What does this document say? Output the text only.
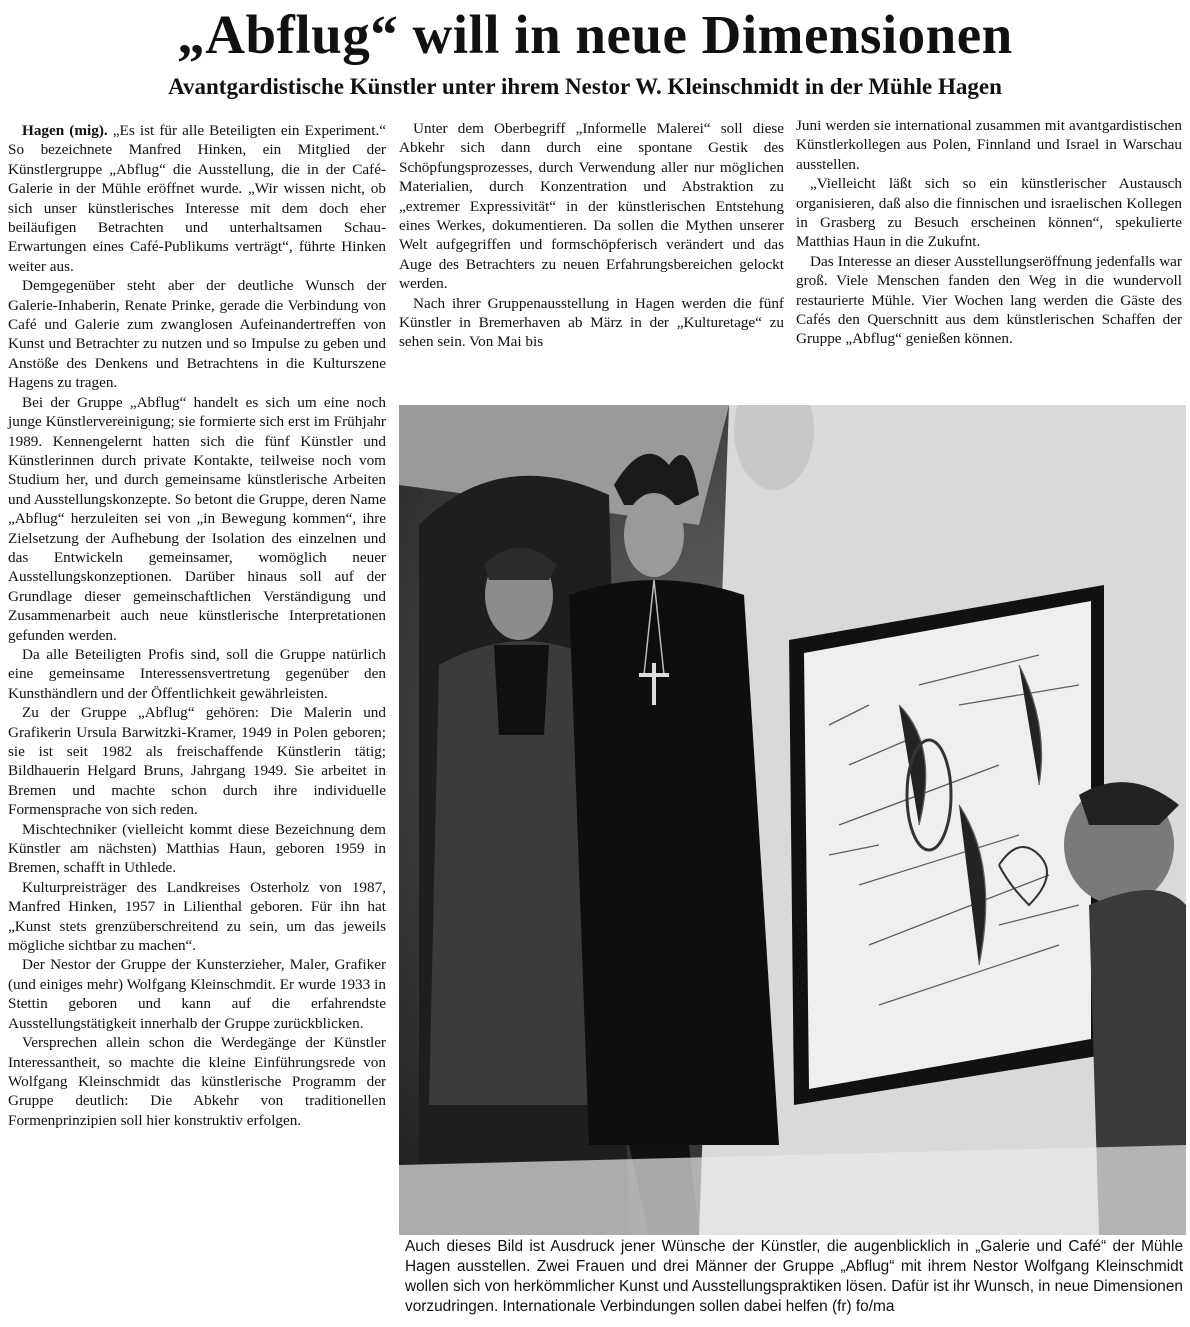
„Abflug“ will in neue Dimensionen
Avantgardistische Künstler unter ihrem Nestor W. Kleinschmidt in der Mühle Hagen

Hagen (mig). „Es ist für alle Beteiligten ein Experiment.“ So bezeichnete Manfred Hinken, ein Mitglied der Künstlergruppe „Abflug“ die Ausstellung, die in der Café-Galerie in der Mühle eröffnet wurde. „Wir wissen nicht, ob sich unser künstlerisches Interesse mit dem doch eher beiläufigen Betrachten und unterhaltsamen Schau-Erwartungen eines Café-Publikums verträgt“, führte Hinken weiter aus.

Demgegenüber steht aber der deutliche Wunsch der Galerie-Inhaberin, Renate Prinke, gerade die Verbindung von Café und Galerie zum zwanglosen Aufeinandertreffen von Kunst und Betrachter zu nutzen und so Impulse zu geben und Anstöße des Denkens und Betrachtens in die Kulturszene Hagens zu tragen.

Bei der Gruppe „Abflug“ handelt es sich um eine noch junge Künstlervereinigung; sie formierte sich erst im Frühjahr 1989. Kennengelernt hatten sich die fünf Künstler und Künstlerinnen durch private Kontakte, teilweise noch vom Studium her, und durch gemeinsame künstlerische Arbeiten und Ausstellungskonzepte. So betont die Gruppe, deren Name „Abflug“ herzuleiten sei von „in Bewegung kommen“, ihre Zielsetzung der Aufhebung der Isolation des einzelnen und das Entwickeln gemeinsamer, womöglich neuer Ausstellungskonzeptionen. Darüber hinaus soll auf der Grundlage dieser gemeinschaftlichen Verständigung und Zusammenarbeit auch neue künstlerische Interpretationen gefunden werden.

Da alle Beteiligten Profis sind, soll die Gruppe natürlich eine gemeinsame Interessensvertretung gegenüber den Kunsthändlern und der Öffentlichkeit gewährleisten.

Zu der Gruppe „Abflug“ gehören: Die Malerin und Grafikerin Ursula Barwitzki-Kramer, 1949 in Polen geboren; sie ist seit 1982 als freischaffende Künstlerin tätig; Bildhauerin Helgard Bruns, Jahrgang 1949. Sie arbeitet in Bremen und machte schon durch ihre individuelle Formensprache von sich reden.

Mischtechniker (vielleicht kommt diese Bezeichnung dem Künstler am nächsten) Matthias Haun, geboren 1959 in Bremen, schafft in Uthlede.

Kulturpreisträger des Landkreises Osterholz von 1987, Manfred Hinken, 1957 in Lilienthal geboren. Für ihn hat „Kunst stets grenzüberschreitend zu sein, um das jeweils mögliche sichtbar zu machen“.

Der Nestor der Gruppe der Kunsterzieher, Maler, Grafiker (und einiges mehr) Wolfgang Kleinschmdit. Er wurde 1933 in Stettin geboren und kann auf die erfahrendste Ausstellungstätigkeit innerhalb der Gruppe zurückblicken.

Versprechen allein schon die Werdegänge der Künstler Interessantheit, so machte die kleine Einführungsrede von Wolfgang Kleinschmidt das künstlerische Programm der Gruppe deutlich: Die Abkehr von traditionellen Formenprinzipien soll hier konstruktiv erfolgen.

Unter dem Oberbegriff „Informelle Malerei“ soll diese Abkehr sich dann durch eine spontane Gestik des Schöpfungsprozesses, durch Verwendung aller nur möglichen Materialien, durch Konzentration und Abstraktion zu „extremer Expressivität“ in der künstlerischen Entstehung eines Werkes, dokumentieren. Da sollen die Mythen unserer Welt aufgegriffen und formschöpferisch verändert und das Auge des Betrachters zu neuen Erfahrungsbereichen gelockt werden.

Nach ihrer Gruppenausstellung in Hagen werden die fünf Künstler in Bremerhaven ab März in der „Kulturetage“ zu sehen sein. Von Mai bis

Juni werden sie international zusammen mit avantgardistischen Künstlerkollegen aus Polen, Finnland und Israel in Warschau ausstellen.

„Vielleicht läßt sich so ein künstlerischer Austausch organisieren, daß also die finnischen und israelischen Kollegen in Grasberg zu Besuch erscheinen können“, spekulierte Matthias Haun in die Zukufnt.

Das Interesse an dieser Ausstellungseröffnung jedenfalls war groß. Viele Menschen fanden den Weg in die wundervoll restaurierte Mühle. Vier Wochen lang werden die Gäste des Cafés den Querschnitt aus dem künstlerischen Schaffen der Gruppe „Abflug“ genießen können.

Auch dieses Bild ist Ausdruck jener Wünsche der Künstler, die augenblicklich in „Galerie und Café“ der Mühle Hagen ausstellen. Zwei Frauen und drei Männer der Gruppe „Abflug“ mit ihrem Nestor Wolfgang Kleinschmidt wollen sich von herkömmlicher Kunst und Ausstellungspraktiken lösen. Dafür ist ihr Wunsch, in neue Dimensionen vorzudringen. Internationale Verbindungen sollen dabei helfen (fr) fo/ma
